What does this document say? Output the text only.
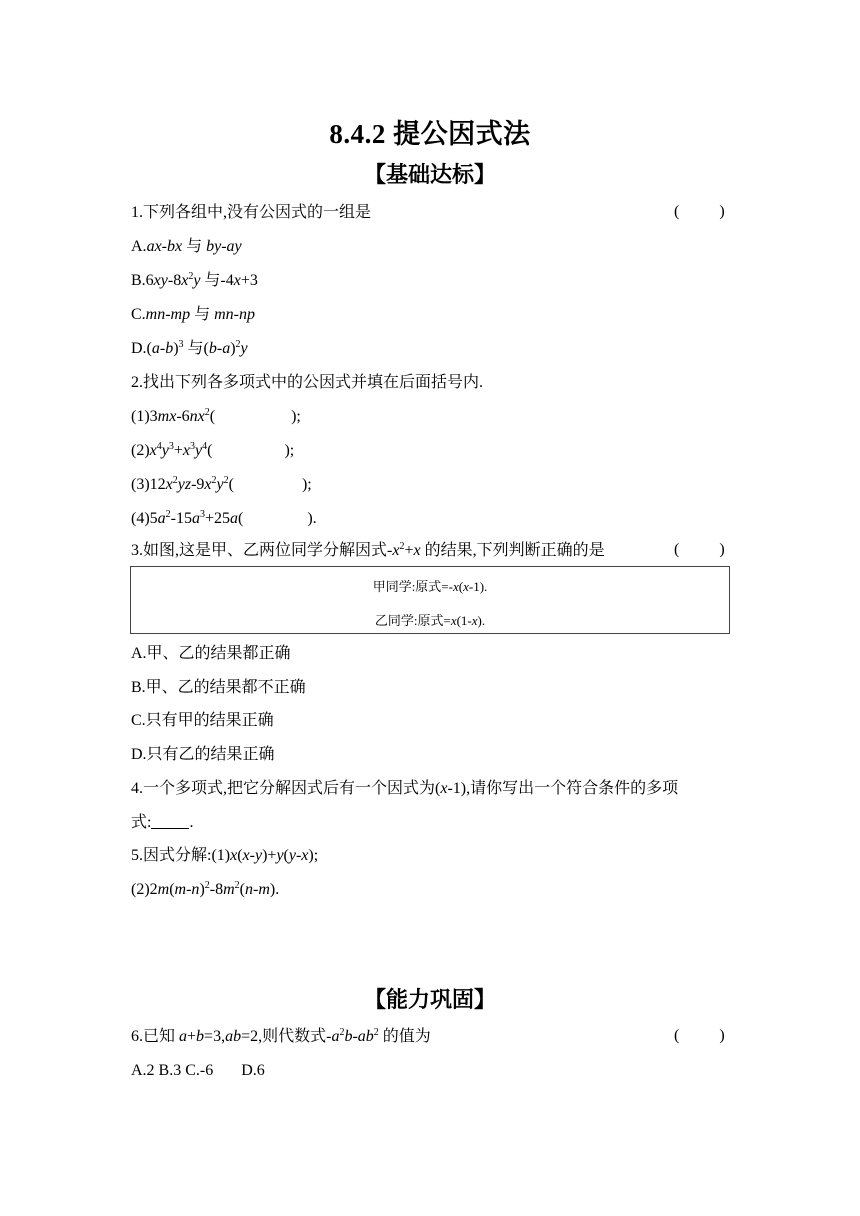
8.4.2 提公因式法
【基础达标】
1.下列各组中,没有公因式的一组是	(          )
A.ax-bx 与 by-ay
$B.6xy-8x^2y$ 与-4x+3
C.mn-mp 与 mn-np
$D.(a-b)^3$ 与$(b-a)^2y$
2.找出下列各多项式中的公因式并填在后面括号内.
$(1)3mx-6nx^2$(                   );
$(2)x^4y^3+x^3y^4$(                  );
$(3)12x^2yz-9x^2y^2$(                 );
$(4)5a^2-15a^3+25a$(                ).
3.如图,这是甲、乙两位同学分解因式$-x^2+x$ 的结果,下列判断正确的是	(          )
甲同学:原式=-x(x-1).
乙同学:原式=x(1-x).
A.甲、乙的结果都正确
B.甲、乙的结果都不正确
C.只有甲的结果正确
D.只有乙的结果正确
4.一个多项式,把它分解因式后有一个因式为(x-1),请你写出一个符合条件的多项
式: .
5.因式分解:(1)x(x-y)+y(y-x);
$(2)2m(m-n)^2-8m^2(n-m)$.
【能力巩固】
6.已知 a+b=3,ab=2,则代数式$-a^2b-ab^2$ 的值为	(          )
A.2 B.3 C.-6       D.6
